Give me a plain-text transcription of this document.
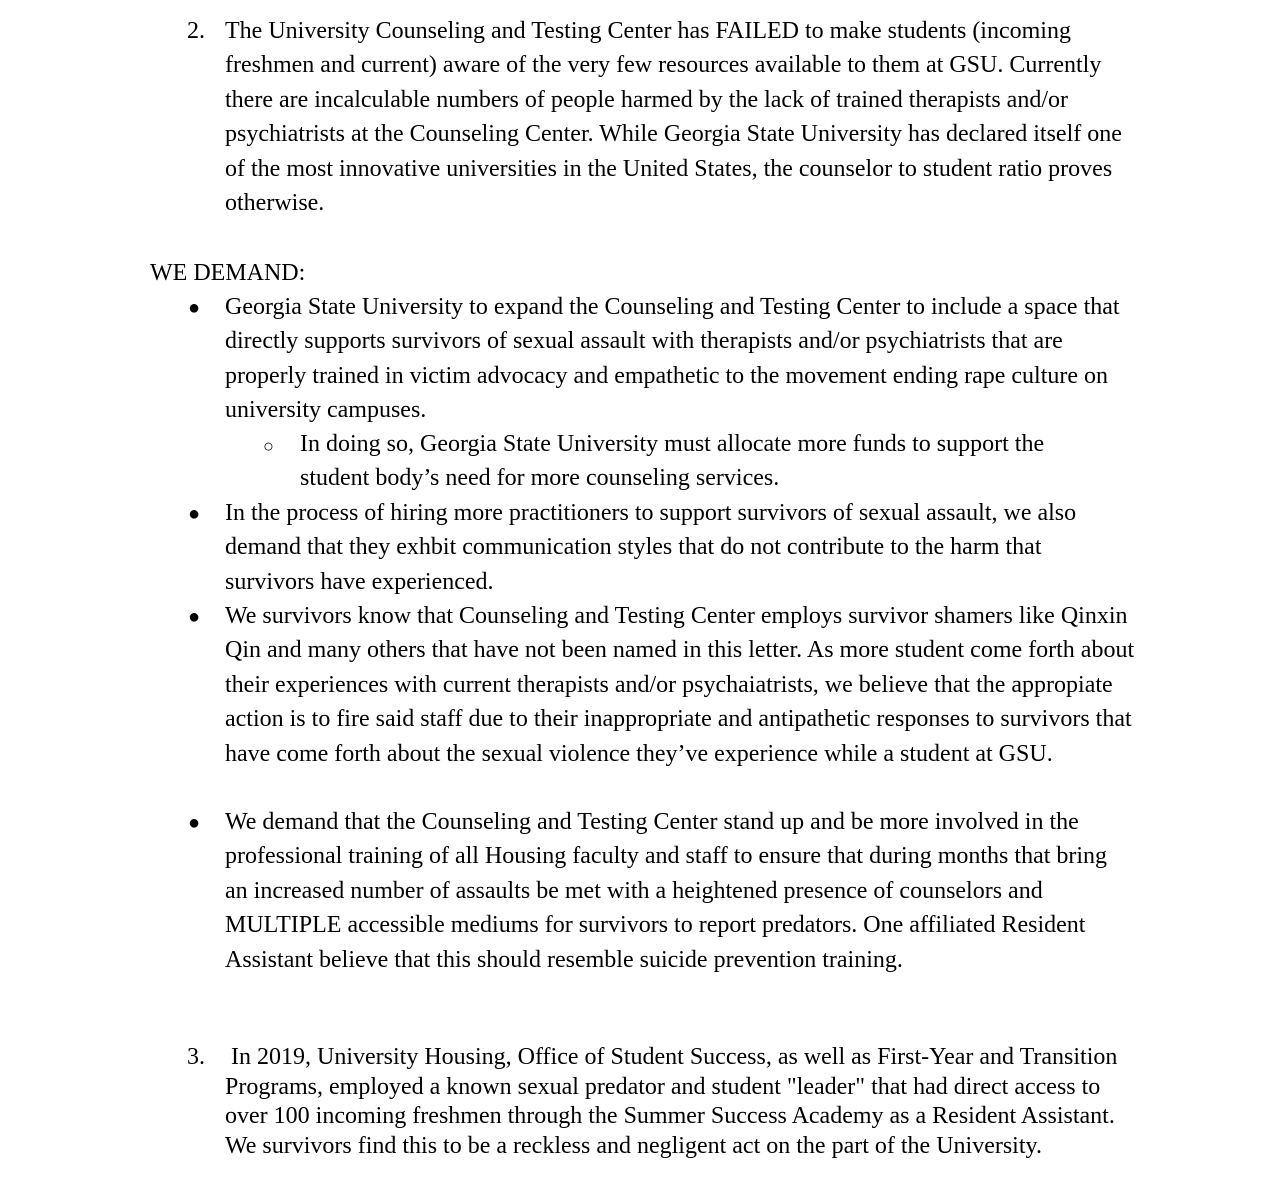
2. The University Counseling and Testing Center has FAILED to make students (incoming freshmen and current) aware of the very few resources available to them at GSU. Currently there are incalculable numbers of people harmed by the lack of trained therapists and/or psychiatrists at the Counseling Center. While Georgia State University has declared itself one of the most innovative universities in the United States, the counselor to student ratio proves otherwise.
WE DEMAND:
● Georgia State University to expand the Counseling and Testing Center to include a space that directly supports survivors of sexual assault with therapists and/or psychiatrists that are properly trained in victim advocacy and empathetic to the movement ending rape culture on university campuses.
○ In doing so, Georgia State University must allocate more funds to support the student body’s need for more counseling services.
● In the process of hiring more practitioners to support survivors of sexual assault, we also demand that they exhbit communication styles that do not contribute to the harm that survivors have experienced.
● We survivors know that Counseling and Testing Center employs survivor shamers like Qinxin Qin and many others that have not been named in this letter. As more student come forth about their experiences with current therapists and/or psychaiatrists, we believe that the appropiate action is to fire said staff due to their inappropriate and antipathetic responses to survivors that have come forth about the sexual violence they’ve experience while a student at GSU.
● We demand that the Counseling and Testing Center stand up and be more involved in the professional training of all Housing faculty and staff to ensure that during months that bring an increased number of assaults be met with a heightened presence of counselors and MULTIPLE accessible mediums for survivors to report predators. One affiliated Resident Assistant believe that this should resemble suicide prevention training.
3. In 2019, University Housing, Office of Student Success, as well as First-Year and Transition Programs, employed a known sexual predator and student "leader" that had direct access to over 100 incoming freshmen through the Summer Success Academy as a Resident Assistant. We survivors find this to be a reckless and negligent act on the part of the University.
